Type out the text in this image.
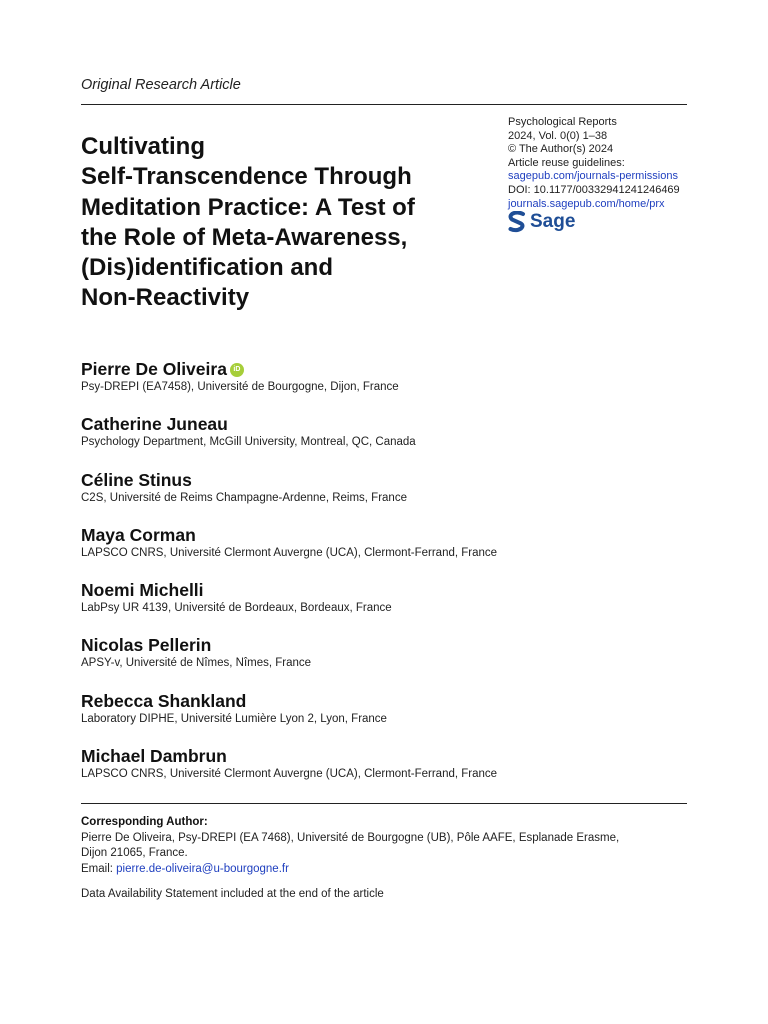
Original Research Article
Cultivating
Self-Transcendence Through
Meditation Practice: A Test of
the Role of Meta-Awareness,
(Dis)identification and
Non-Reactivity
Psychological Reports
2024, Vol. 0(0) 1–38
© The Author(s) 2024
Article reuse guidelines:
sagepub.com/journals-permissions
DOI: 10.1177/00332941241246469
journals.sagepub.com/home/prx
Sage
Pierre De Oliveira iD
Psy-DREPI (EA7458), Université de Bourgogne, Dijon, France
Catherine Juneau
Psychology Department, McGill University, Montreal, QC, Canada
Céline Stinus
C2S, Université de Reims Champagne-Ardenne, Reims, France
Maya Corman
LAPSCO CNRS, Université Clermont Auvergne (UCA), Clermont-Ferrand, France
Noemi Michelli
LabPsy UR 4139, Université de Bordeaux, Bordeaux, France
Nicolas Pellerin
APSY-v, Université de Nîmes, Nîmes, France
Rebecca Shankland
Laboratory DIPHE, Université Lumière Lyon 2, Lyon, France
Michael Dambrun
LAPSCO CNRS, Université Clermont Auvergne (UCA), Clermont-Ferrand, France
Corresponding Author:
Pierre De Oliveira, Psy-DREPI (EA 7468), Université de Bourgogne (UB), Pôle AAFE, Esplanade Erasme,
Dijon 21065, France.
Email: pierre.de-oliveira@u-bourgogne.fr
Data Availability Statement included at the end of the article
